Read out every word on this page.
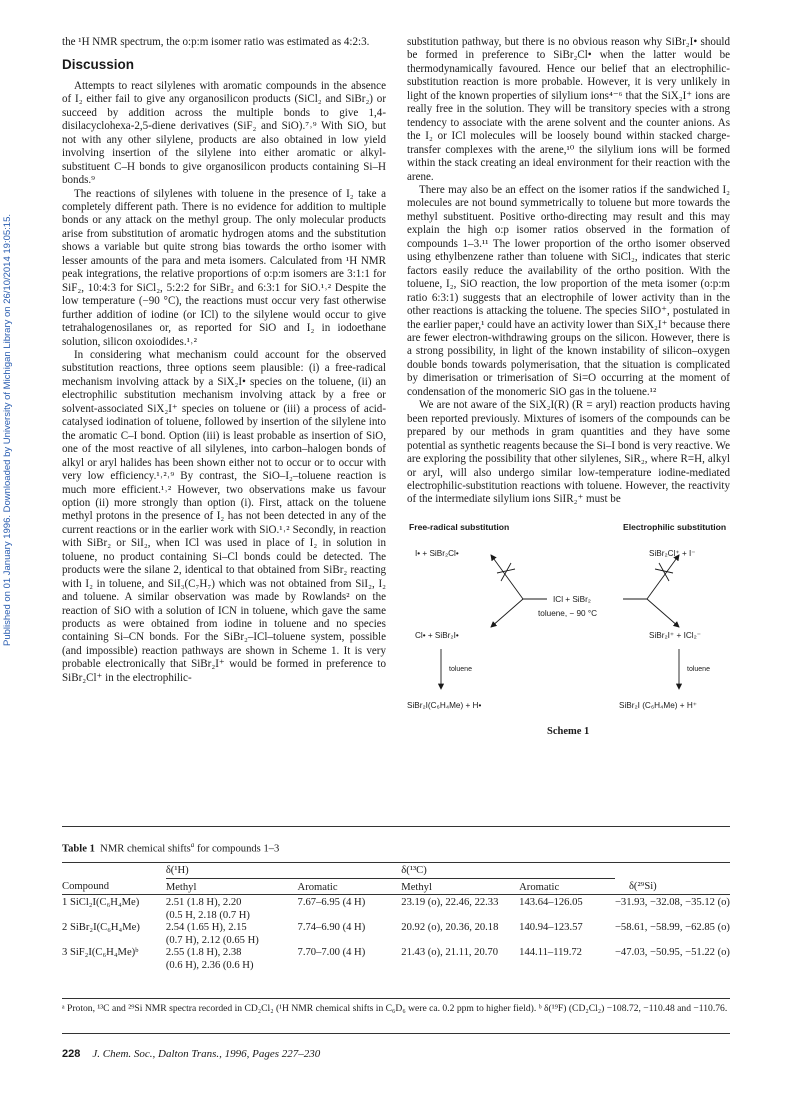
Published on 01 January 1996. Downloaded by University of Michigan Library on 26/10/2014 19:05:15.

the ¹H NMR spectrum, the o:p:m isomer ratio was estimated as 4:2:3.

Discussion

Attempts to react silylenes with aromatic compounds in the absence of I₂ either fail to give any organosilicon products (SiCl₂ and SiBr₂) or succeed by addition across the multiple bonds to give 1,4-disilacyclohexa-2,5-diene derivatives (SiF₂ and SiO).⁷˒⁹ With SiO, but not with any other silylene, products are also obtained in low yield involving insertion of the silylene into either aromatic or alkyl-substituent C–H bonds to give organosilicon products containing Si–H bonds.⁹

The reactions of silylenes with toluene in the presence of I₂ take a completely different path. There is no evidence for addition to multiple bonds or any attack on the methyl group. The only molecular products arise from substitution of aromatic hydrogen atoms and the substitution shows a variable but quite strong bias towards the ortho isomer with lesser amounts of the para and meta isomers. Calculated from ¹H NMR peak integrations, the relative proportions of o:p:m isomers are 3:1:1 for SiF₂, 10:4:3 for SiCl₂, 5:2:2 for SiBr₂ and 6:3:1 for SiO.¹˒² Despite the low temperature (−90 °C), the reactions must occur very fast otherwise further addition of iodine (or ICl) to the silylene would occur to give tetrahalogenosilanes or, as reported for SiO and I₂ in iodoethane solution, silicon oxoiodides.¹˒²

In considering what mechanism could account for the observed substitution reactions, three options seem plausible: (i) a free-radical mechanism involving attack by a SiX₂I• species on the toluene, (ii) an electrophilic substitution mechanism involving attack by a free or solvent-associated SiX₂I⁺ species on toluene or (iii) a process of acid-catalysed iodination of toluene, followed by insertion of the silylene into the aromatic C–I bond. Option (iii) is least probable as insertion of SiO, one of the most reactive of all silylenes, into carbon–halogen bonds of alkyl or aryl halides has been shown either not to occur or to occur with very low efficiency.¹˒²˒⁹ By contrast, the SiO–I₂–toluene reaction is much more efficient.¹˒² However, two observations make us favour option (ii) more strongly than option (i). First, attack on the toluene methyl protons in the presence of I₂ has not been detected in any of the current reactions or in the earlier work with SiO.¹˒² Secondly, in reaction with SiBr₂ or SiI₂, when ICl was used in place of I₂ in solution in toluene, no product containing Si–Cl bonds could be detected. The products were the silane 2, identical to that obtained from SiBr₂ reacting with I₂ in toluene, and SiI₃(C₇H₇) which was not obtained from SiI₂, I₂ and toluene. A similar observation was made by Rowlands² on the reaction of SiO with a solution of ICN in toluene, which gave the same products as were obtained from iodine in toluene and no species containing Si–CN bonds. For the SiBr₂–ICl–toluene system, possible (and impossible) reaction pathways are shown in Scheme 1. It is very probable electronically that SiBr₂I⁺ would be formed in preference to SiBr₂Cl⁺ in the electrophilic-

substitution pathway, but there is no obvious reason why SiBr₂I• should be formed in preference to SiBr₂Cl• when the latter would be thermodynamically favoured. Hence our belief that an electrophilic-substitution reaction is more probable. However, it is very unlikely in light of the known properties of silylium ions⁴⁻⁶ that the SiX₂I⁺ ions are really free in the solution. They will be transitory species with a strong tendency to associate with the arene solvent and the counter anions. As the I₂ or ICl molecules will be loosely bound within stacked charge-transfer complexes with the arene,¹⁰ the silylium ions will be formed within the stack creating an ideal environment for their reaction with the arene.

There may also be an effect on the isomer ratios if the sandwiched I₂ molecules are not bound symmetrically to toluene but more towards the methyl substituent. Positive ortho-directing may result and this may explain the high o:p isomer ratios observed in the formation of compounds 1–3.¹¹ The lower proportion of the ortho isomer observed using ethylbenzene rather than toluene with SiCl₂, indicates that steric factors easily reduce the availability of the ortho position. With the toluene, I₂, SiO reaction, the low proportion of the meta isomer (o:p:m ratio 6:3:1) suggests that an electrophile of lower activity than in the other reactions is attacking the toluene. The species SiIO⁺, postulated in the earlier paper,¹ could have an activity lower than SiX₂I⁺ because there are fewer electron-withdrawing groups on the silicon. However, there is a strong possibility, in light of the known instability of silicon–oxygen double bonds towards polymerisation, that the situation is complicated by dimerisation or trimerisation of Si=O occurring at the moment of condensation of the monomeric SiO gas in the toluene.¹²

We are not aware of the SiX₂I(R) (R = aryl) reaction products having been reported previously. Mixtures of isomers of the compounds can be prepared by our methods in gram quantities and they have some potential as synthetic reagents because the Si–I bond is very reactive. We are exploring the possibility that other silylenes, SiR₂, where R=H, alkyl or aryl, will also undergo similar low-temperature iodine-mediated electrophilic-substitution reactions with toluene. However, the reactivity of the intermediate silylium ions SiIR₂⁺ must be

Free-radical substitution	Electrophilic substitution
I• + SiBr₂Cl•	SiBr₂Cl⁺ + I⁻
ICl + SiBr₂
toluene, − 90 °C
Cl• + SiBr₂I•	SiBr₂I⁺ + ICl₂⁻
toluene	toluene
SiBr₂I(C₆H₄Me) + H•	SiBr₂I (C₆H₄Me) + H⁺
Scheme 1
Table 1 NMR chemical shifts$^a$ for compounds 1–3
	δ(¹H)		δ(¹³C)		
Compound	Methyl	Aromatic	Methyl	Aromatic	δ(²⁹Si)

1 SiCl₂I(C₆H₄Me)	2.51 (1.8 H), 2.20
(0.5 H, 2.18 (0.7 H)	7.67–6.95 (4 H)	23.19 (o), 22.46, 22.33	143.64–126.05	−31.93, −32.08, −35.12 (o)
2 SiBr₂I(C₆H₄Me)	2.54 (1.65 H), 2.15
(0.7 H), 2.12 (0.65 H)	7.74–6.90 (4 H)	20.92 (o), 20.36, 20.18	140.94–123.57	−58.61, −58.99, −62.85 (o)
3 SiF₂I(C₆H₄Me)ᵇ	2.55 (1.8 H), 2.38
(0.6 H), 2.36 (0.6 H)	7.70–7.00 (4 H)	21.43 (o), 21.11, 20.70	144.11–119.72	−47.03, −50.95, −51.22 (o)
ᵃ Proton, ¹³C and ²⁹Si NMR spectra recorded in CD₂Cl₂ (¹H NMR chemical shifts in C₆D₆ were ca. 0.2 ppm to higher field). ᵇ δ(¹⁹F) (CD₂Cl₂) −108.72, −110.48 and −110.76.
228 J. Chem. Soc., Dalton Trans., 1996, Pages 227–230
